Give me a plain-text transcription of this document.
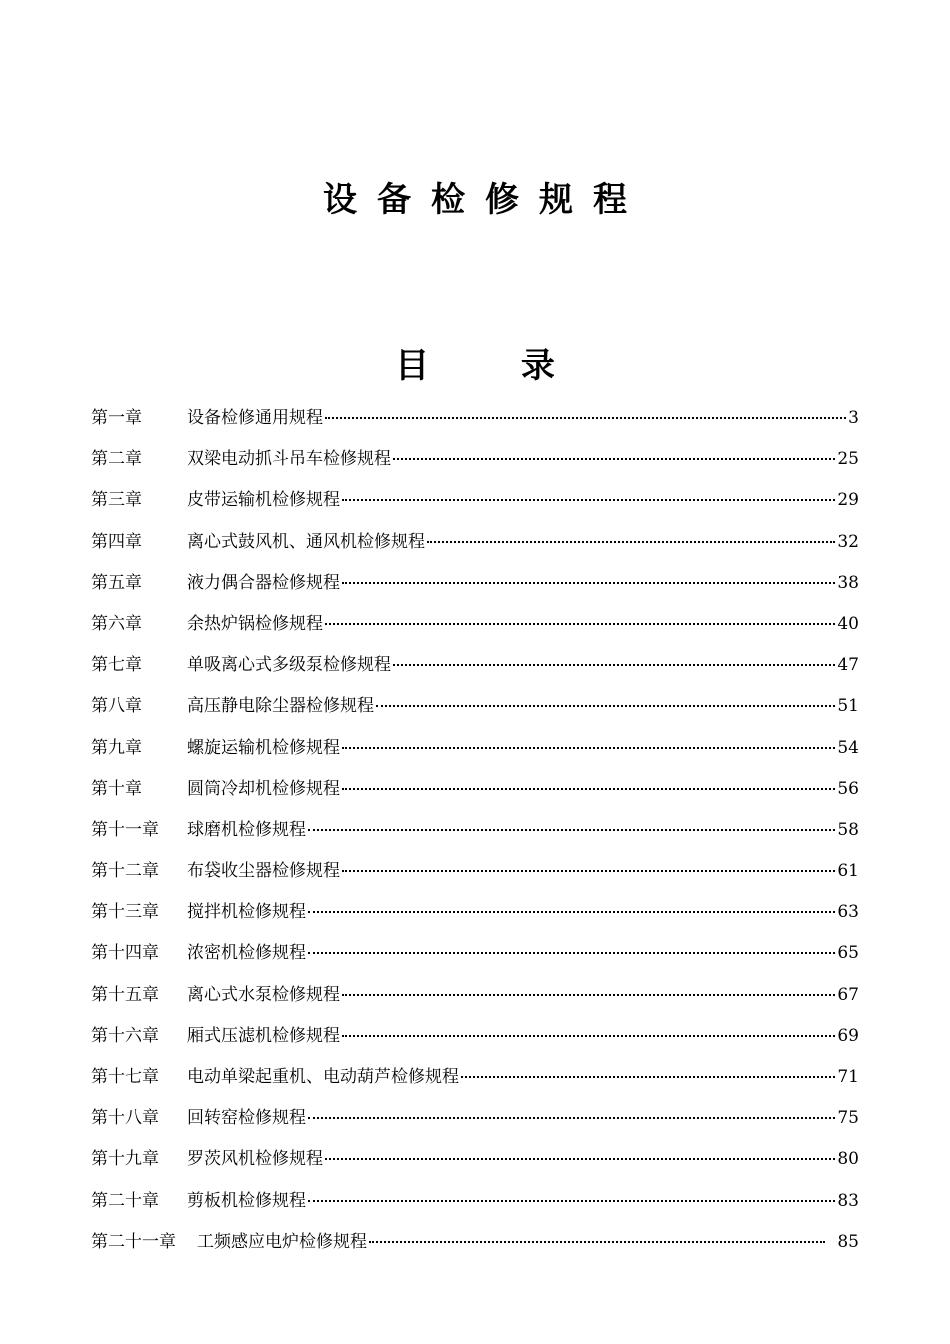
设备检修规程
目 录
第一章	设备检修通用规程	3
第二章	双梁电动抓斗吊车检修规程	25
第三章	皮带运输机检修规程	29
第四章	离心式鼓风机、通风机检修规程	32
第五章	液力偶合器检修规程	38
第六章	余热炉锅检修规程	40
第七章	单吸离心式多级泵检修规程	47
第八章	高压静电除尘器检修规程	51
第九章	螺旋运输机检修规程	54
第十章	圆筒冷却机检修规程	56
第十一章	球磨机检修规程	58
第十二章	布袋收尘器检修规程	61
第十三章	搅拌机检修规程	63
第十四章	浓密机检修规程	65
第十五章	离心式水泵检修规程	67
第十六章	厢式压滤机检修规程	69
第十七章	电动单梁起重机、电动葫芦检修规程	71
第十八章	回转窑检修规程	75
第十九章	罗茨风机检修规程	80
第二十章	剪板机检修规程	83
第二十一章	工频感应电炉检修规程	85
